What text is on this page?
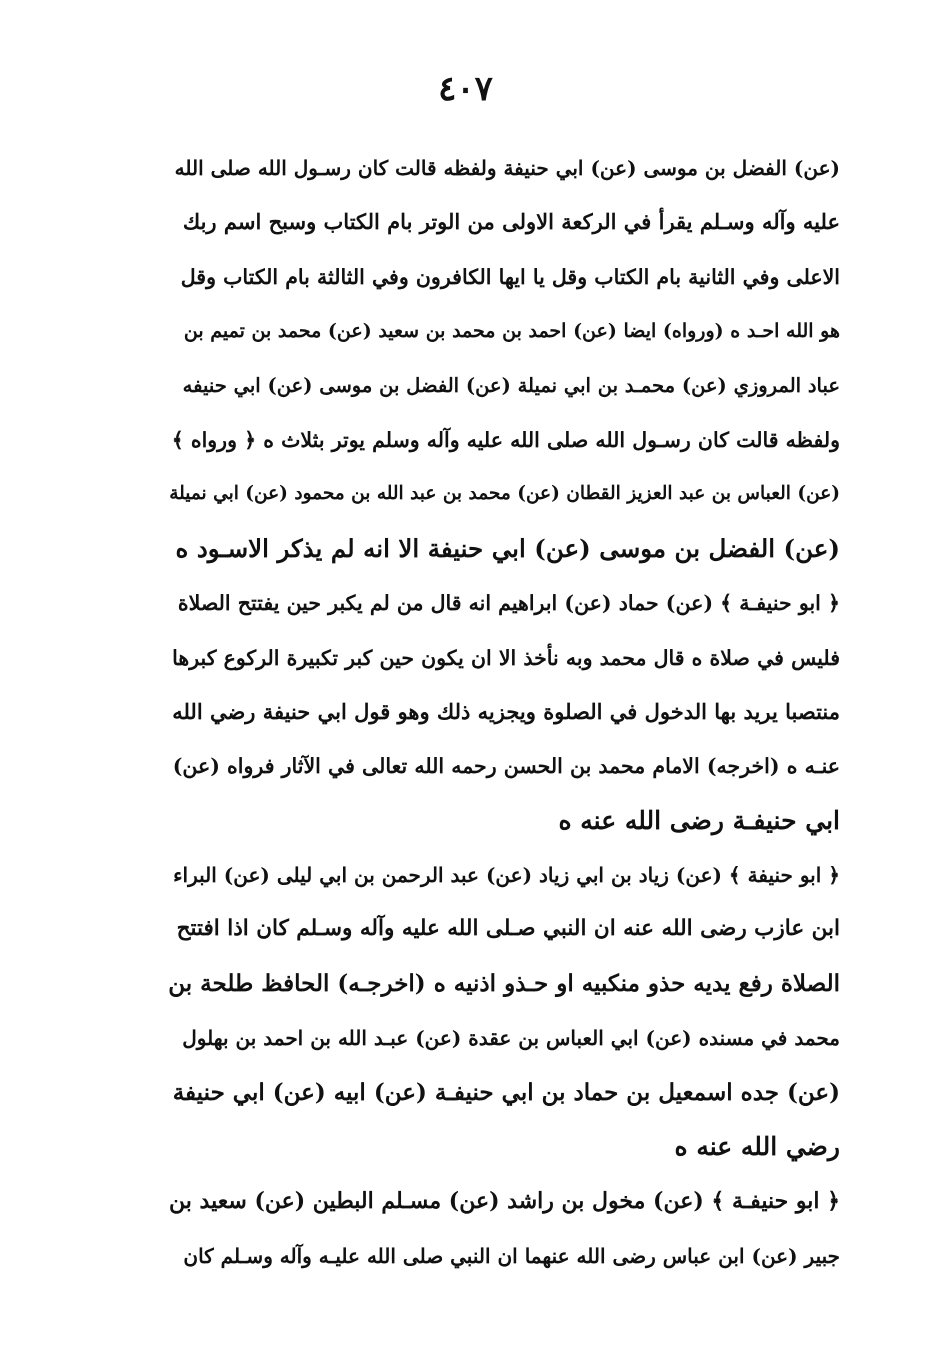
٤٠٧
(عن) الفضل بن موسى (عن) ابي حنيفة ولفظه قالت كان رسـول الله صلى الله
عليه وآله وسـلم يقرأ في الركعة الاولى من الوتر بام الكتاب وسبح اسم ربك
الاعلى وفي الثانية بام الكتاب وقل يا ايها الكافرون وفي الثالثة بام الكتاب وقل
هو الله احـد ه (ورواه) ايضا (عن) احمد بن محمد بن سعيد (عن) محمد بن تميم بن
عباد المروزي (عن) محمـد بن ابي نميلة (عن) الفضل بن موسى (عن) ابي حنيفه
ولفظه قالت كان رسـول الله صلى الله عليه وآله وسلم يوتر بثلاث ه ﴿ ورواه ﴾
(عن) العباس بن عبد العزيز القطان (عن) محمد بن عبد الله بن محمود (عن) ابي نميلة
(عن) الفضل بن موسى (عن) ابي حنيفة الا انه لم يذكر الاسـود ه
﴿ ابو حنيفـة ﴾ (عن) حماد (عن) ابراهيم انه قال من لم يكبر حين يفتتح الصلاة
فليس في صلاة ه قال محمد وبه نأخذ الا ان يكون حين كبر تكبيرة الركوع كبرها
منتصبا يريد بها الدخول في الصلوة ويجزيه ذلك وهو قول ابي حنيفة رضي الله
عنـه ه (اخرجه) الامام محمد بن الحسن رحمه الله تعالى في الآثار فرواه (عن)
ابي حنيفـة رضى الله عنه ه
﴿ ابو حنيفة ﴾ (عن) زياد بن ابي زياد (عن) عبد الرحمن بن ابي ليلى (عن) البراء
ابن عازب رضى الله عنه ان النبي صـلى الله عليه وآله وسـلم كان اذا افتتح
الصلاة رفع يديه حذو منكبيه او حـذو اذنيه ه (اخرجـه) الحافظ طلحة بن
محمد في مسنده (عن) ابي العباس بن عقدة (عن) عبـد الله بن احمد بن بهلول
(عن) جده اسمعيل بن حماد بن ابي حنيفـة (عن) ابيه (عن) ابي حنيفة
رضي الله عنه ه
﴿ ابو حنيفـة ﴾ (عن) مخول بن راشد (عن) مسـلم البطين (عن) سعيد بن
جبير (عن) ابن عباس رضى الله عنهما ان النبي صلى الله عليـه وآله وسـلم كان
